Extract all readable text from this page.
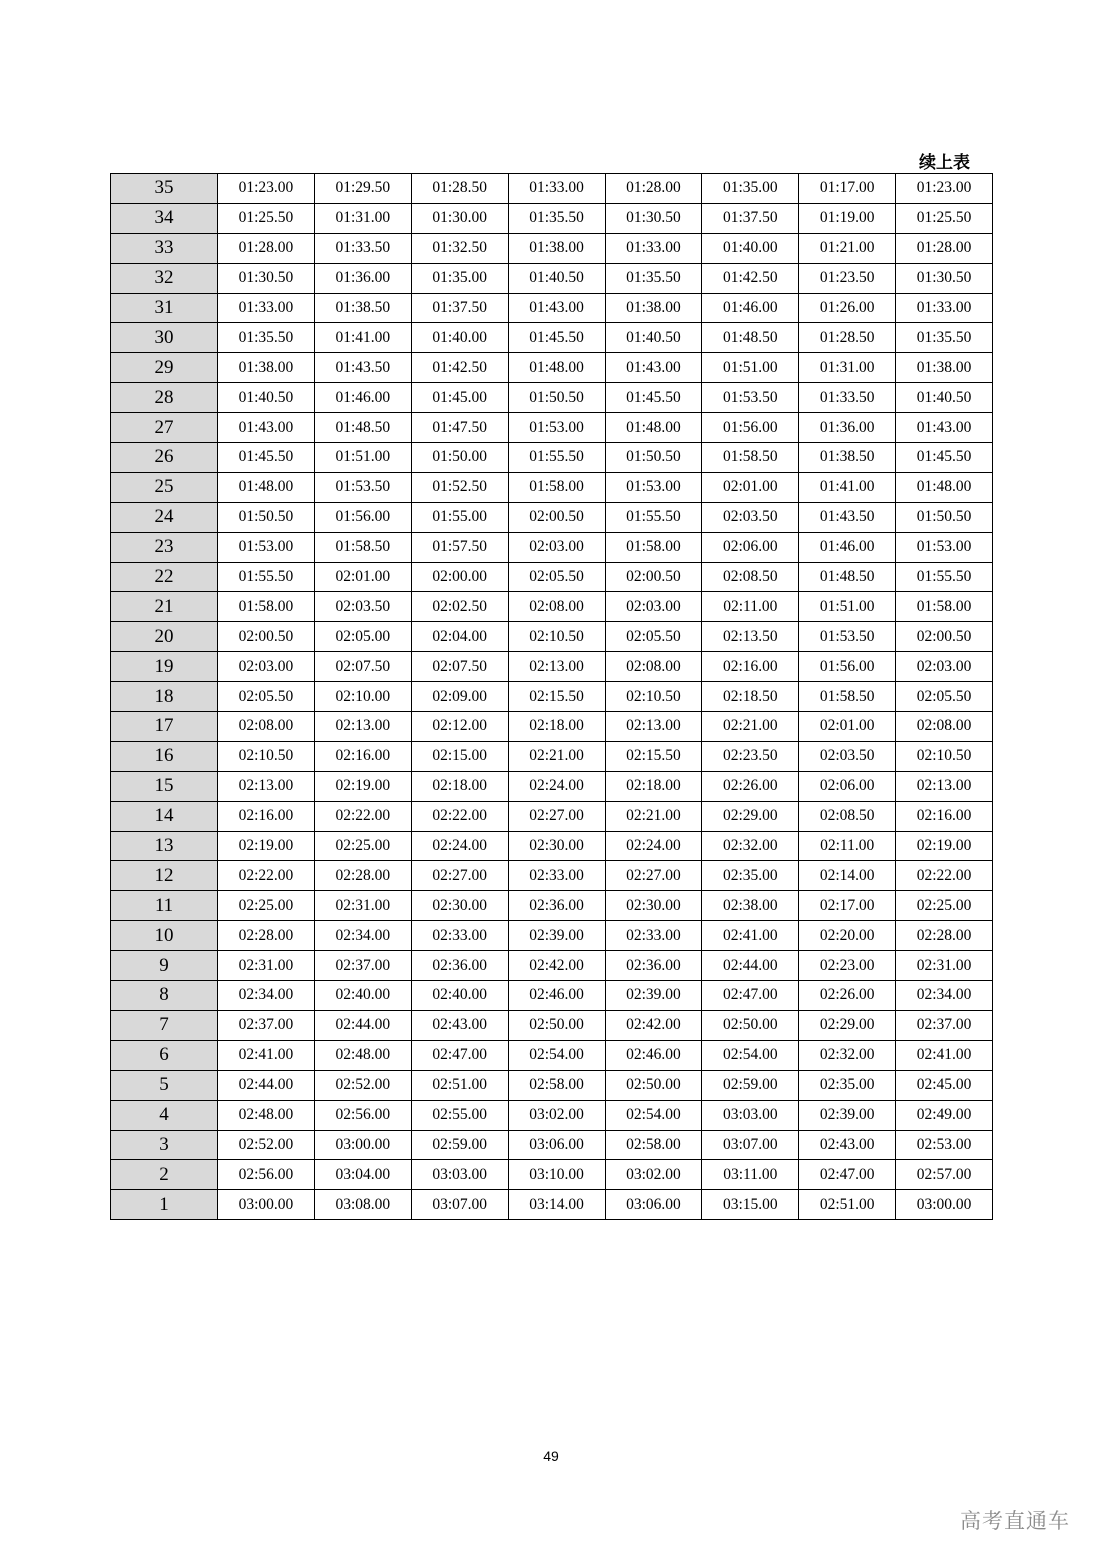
续上表
35	01:23.00	01:29.50	01:28.50	01:33.00	01:28.00	01:35.00	01:17.00	01:23.00
34	01:25.50	01:31.00	01:30.00	01:35.50	01:30.50	01:37.50	01:19.00	01:25.50
33	01:28.00	01:33.50	01:32.50	01:38.00	01:33.00	01:40.00	01:21.00	01:28.00
32	01:30.50	01:36.00	01:35.00	01:40.50	01:35.50	01:42.50	01:23.50	01:30.50
31	01:33.00	01:38.50	01:37.50	01:43.00	01:38.00	01:46.00	01:26.00	01:33.00
30	01:35.50	01:41.00	01:40.00	01:45.50	01:40.50	01:48.50	01:28.50	01:35.50
29	01:38.00	01:43.50	01:42.50	01:48.00	01:43.00	01:51.00	01:31.00	01:38.00
28	01:40.50	01:46.00	01:45.00	01:50.50	01:45.50	01:53.50	01:33.50	01:40.50
27	01:43.00	01:48.50	01:47.50	01:53.00	01:48.00	01:56.00	01:36.00	01:43.00
26	01:45.50	01:51.00	01:50.00	01:55.50	01:50.50	01:58.50	01:38.50	01:45.50
25	01:48.00	01:53.50	01:52.50	01:58.00	01:53.00	02:01.00	01:41.00	01:48.00
24	01:50.50	01:56.00	01:55.00	02:00.50	01:55.50	02:03.50	01:43.50	01:50.50
23	01:53.00	01:58.50	01:57.50	02:03.00	01:58.00	02:06.00	01:46.00	01:53.00
22	01:55.50	02:01.00	02:00.00	02:05.50	02:00.50	02:08.50	01:48.50	01:55.50
21	01:58.00	02:03.50	02:02.50	02:08.00	02:03.00	02:11.00	01:51.00	01:58.00
20	02:00.50	02:05.00	02:04.00	02:10.50	02:05.50	02:13.50	01:53.50	02:00.50
19	02:03.00	02:07.50	02:07.50	02:13.00	02:08.00	02:16.00	01:56.00	02:03.00
18	02:05.50	02:10.00	02:09.00	02:15.50	02:10.50	02:18.50	01:58.50	02:05.50
17	02:08.00	02:13.00	02:12.00	02:18.00	02:13.00	02:21.00	02:01.00	02:08.00
16	02:10.50	02:16.00	02:15.00	02:21.00	02:15.50	02:23.50	02:03.50	02:10.50
15	02:13.00	02:19.00	02:18.00	02:24.00	02:18.00	02:26.00	02:06.00	02:13.00
14	02:16.00	02:22.00	02:22.00	02:27.00	02:21.00	02:29.00	02:08.50	02:16.00
13	02:19.00	02:25.00	02:24.00	02:30.00	02:24.00	02:32.00	02:11.00	02:19.00
12	02:22.00	02:28.00	02:27.00	02:33.00	02:27.00	02:35.00	02:14.00	02:22.00
11	02:25.00	02:31.00	02:30.00	02:36.00	02:30.00	02:38.00	02:17.00	02:25.00
10	02:28.00	02:34.00	02:33.00	02:39.00	02:33.00	02:41.00	02:20.00	02:28.00
9	02:31.00	02:37.00	02:36.00	02:42.00	02:36.00	02:44.00	02:23.00	02:31.00
8	02:34.00	02:40.00	02:40.00	02:46.00	02:39.00	02:47.00	02:26.00	02:34.00
7	02:37.00	02:44.00	02:43.00	02:50.00	02:42.00	02:50.00	02:29.00	02:37.00
6	02:41.00	02:48.00	02:47.00	02:54.00	02:46.00	02:54.00	02:32.00	02:41.00
5	02:44.00	02:52.00	02:51.00	02:58.00	02:50.00	02:59.00	02:35.00	02:45.00
4	02:48.00	02:56.00	02:55.00	03:02.00	02:54.00	03:03.00	02:39.00	02:49.00
3	02:52.00	03:00.00	02:59.00	03:06.00	02:58.00	03:07.00	02:43.00	02:53.00
2	02:56.00	03:04.00	03:03.00	03:10.00	03:02.00	03:11.00	02:47.00	02:57.00
1	03:00.00	03:08.00	03:07.00	03:14.00	03:06.00	03:15.00	02:51.00	03:00.00
49
高考直通车
